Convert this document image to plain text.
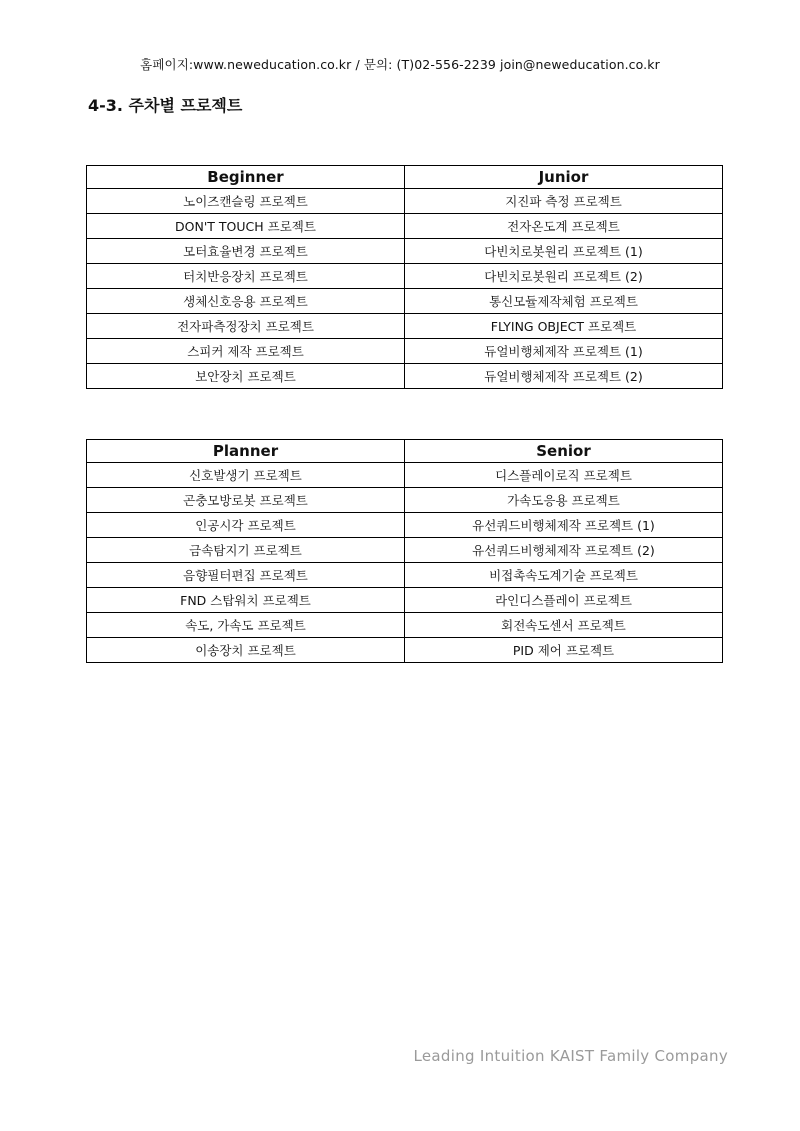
홈페이지:www.neweducation.co.kr / 문의: (T)02-556-2239 join@neweducation.co.kr
4-3. 주차별 프로젝트
Beginner	Junior
노이즈캔슬링 프로젝트	지진파 측정 프로젝트
DON'T TOUCH 프로젝트	전자온도계 프로젝트
모터효율변경 프로젝트	다빈치로봇원리 프로젝트 (1)
터치반응장치 프로젝트	다빈치로봇원리 프로젝트 (2)
생체신호응용 프로젝트	통신모듈제작체험 프로젝트
전자파측정장치 프로젝트	FLYING OBJECT 프로젝트
스피커 제작 프로젝트	듀얼비행체제작 프로젝트 (1)
보안장치 프로젝트	듀얼비행체제작 프로젝트 (2)
Planner	Senior
신호발생기 프로젝트	디스플레이로직 프로젝트
곤충모방로봇 프로젝트	가속도응용 프로젝트
인공시각 프로젝트	유선쿼드비행체제작 프로젝트 (1)
금속탐지기 프로젝트	유선쿼드비행체제작 프로젝트 (2)
음향필터편집 프로젝트	비접촉속도계기술 프로젝트
FND 스탑워치 프로젝트	라인디스플레이 프로젝트
속도, 가속도 프로젝트	회전속도센서 프로젝트
이송장치 프로젝트	PID 제어 프로젝트
Leading Intuition KAIST Family Company
